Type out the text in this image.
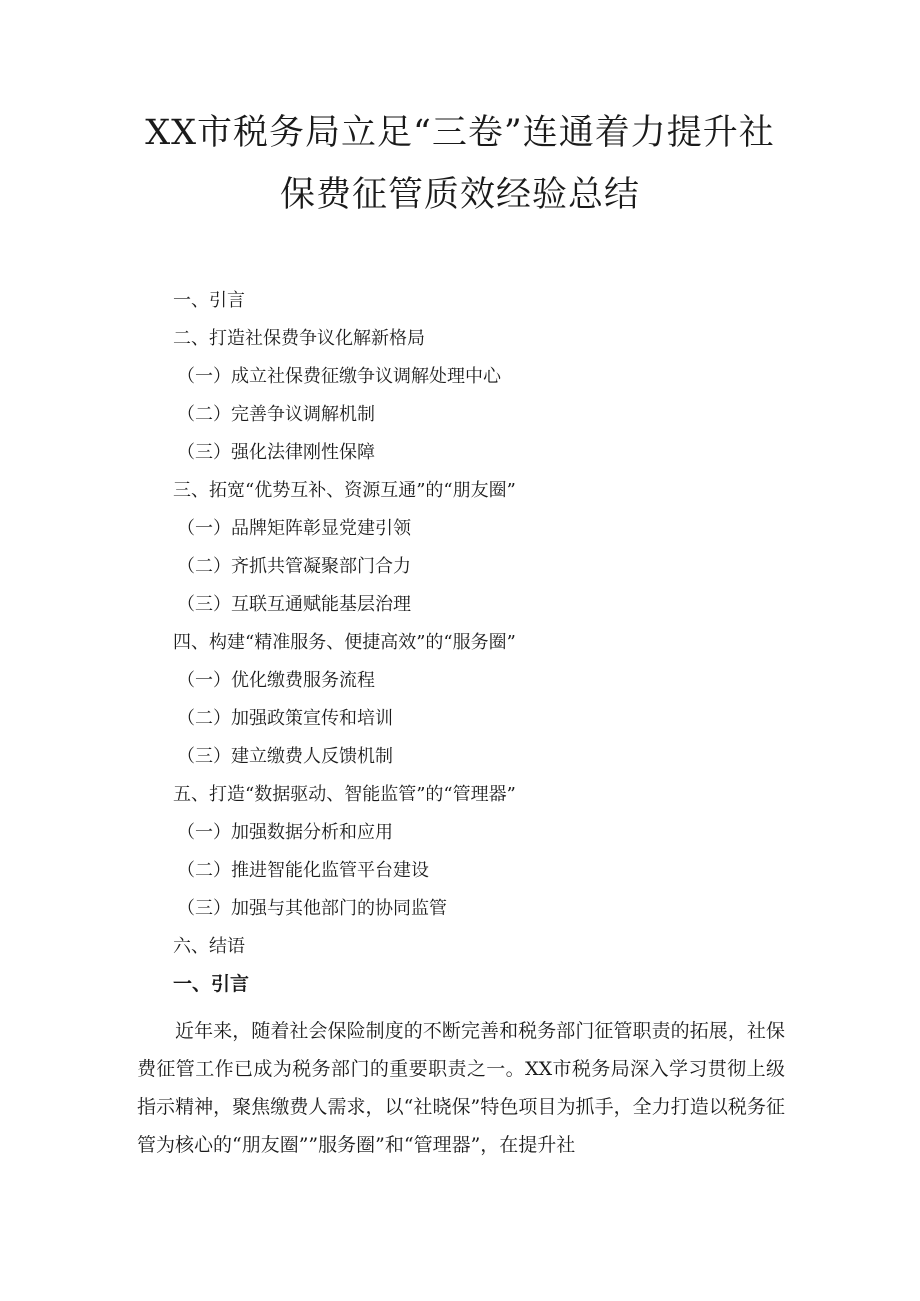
XX市税务局立足“三卷”连通着力提升社
保费征管质效经验总结
一、引言
二、打造社保费争议化解新格局
（一）成立社保费征缴争议调解处理中心
（二）完善争议调解机制
（三）强化法律刚性保障
三、拓宽“优势互补、资源互通”的“朋友圈”
（一）品牌矩阵彰显党建引领
（二）齐抓共管凝聚部门合力
（三）互联互通赋能基层治理
四、构建“精准服务、便捷高效”的“服务圈”
（一）优化缴费服务流程
（二）加强政策宣传和培训
（三）建立缴费人反馈机制
五、打造“数据驱动、智能监管”的“管理器”
（一）加强数据分析和应用
（二）推进智能化监管平台建设
（三）加强与其他部门的协同监管
六、结语
一、引言

近年来，随着社会保险制度的不断完善和税务部门征管职责的拓展，社保费征管工作已成为税务部门的重要职责之一。XX市税务局深入学习贯彻上级指示精神，聚焦缴费人需求，以“社晓保”特色项目为抓手，全力打造以税务征管为核心的“朋友圈””服务圈”和“管理器”，在提升社
